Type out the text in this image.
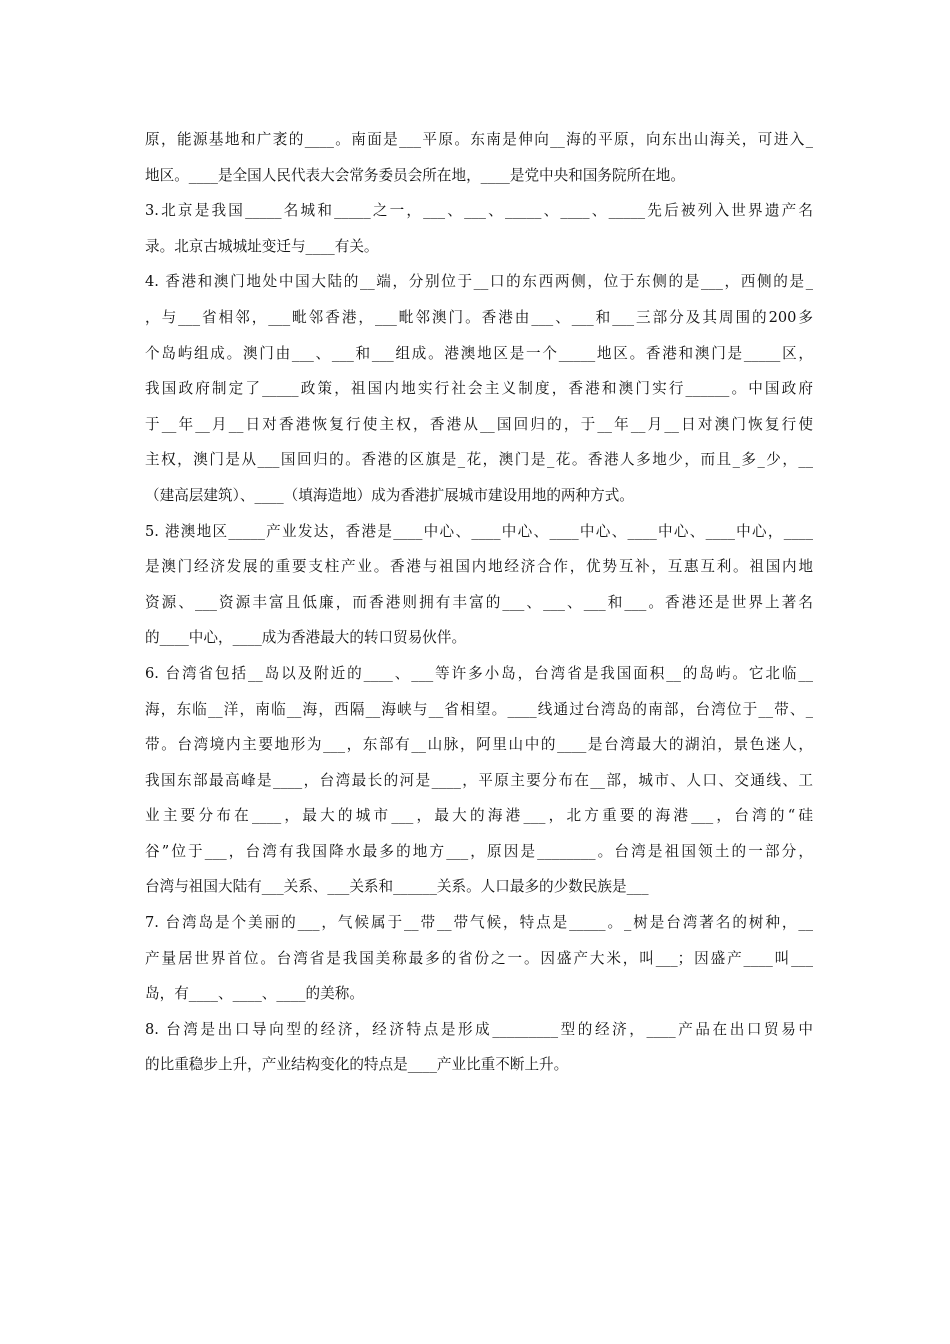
原，能源基地和广袤的____。南面是___平原。东南是伸向__海的平原，向东出山海关，可进入_
地区。____是全国人民代表大会常务委员会所在地，____是党中央和国务院所在地。
3.北京是我国_____名城和_____之一，___、___、_____、____、_____先后被列入世界遗产名
录。北京古城城址变迁与____有关。
4. 香港和澳门地处中国大陆的__端，分别位于__口的东西两侧，位于东侧的是___，西侧的是_
，与___省相邻，___毗邻香港，___毗邻澳门。香港由___、___和___三部分及其周围的200多
个岛屿组成。澳门由___、___和___组成。港澳地区是一个_____地区。香港和澳门是_____区，
我国政府制定了_____政策，祖国内地实行社会主义制度，香港和澳门实行______。中国政府
于__年__月__日对香港恢复行使主权，香港从__国回归的，于__年__月__日对澳门恢复行使
主权，澳门是从___国回归的。香港的区旗是_花，澳门是_花。香港人多地少，而且_多_少，__
（建高层建筑）、____（填海造地）成为香港扩展城市建设用地的两种方式。
5. 港澳地区_____产业发达，香港是____中心、____中心、____中心、____中心、____中心，____
是澳门经济发展的重要支柱产业。香港与祖国内地经济合作，优势互补，互惠互利。祖国内地
资源、___资源丰富且低廉，而香港则拥有丰富的___、___、___和___。香港还是世界上著名
的____中心，____成为香港最大的转口贸易伙伴。
6. 台湾省包括__岛以及附近的____、___等许多小岛，台湾省是我国面积__的岛屿。它北临__
海，东临__洋，南临__海，西隔__海峡与__省相望。____线通过台湾岛的南部，台湾位于__带、_
带。台湾境内主要地形为___，东部有__山脉，阿里山中的____是台湾最大的湖泊，景色迷人，
我国东部最高峰是____，台湾最长的河是____，平原主要分布在__部，城市、人口、交通线、工
业主要分布在____，最大的城市___，最大的海港___，北方重要的海港___，台湾的“硅
谷”位于___，台湾有我国降水最多的地方___，原因是________。台湾是祖国领土的一部分，
台湾与祖国大陆有___关系、___关系和______关系。人口最多的少数民族是___
7. 台湾岛是个美丽的___，气候属于__带__带气候，特点是_____。_树是台湾著名的树种，__
产量居世界首位。台湾省是我国美称最多的省份之一。因盛产大米，叫___；因盛产____叫___
岛，有____、____、____的美称。
8. 台湾是出口导向型的经济，经济特点是形成_________型的经济，____产品在出口贸易中
的比重稳步上升，产业结构变化的特点是____产业比重不断上升。
